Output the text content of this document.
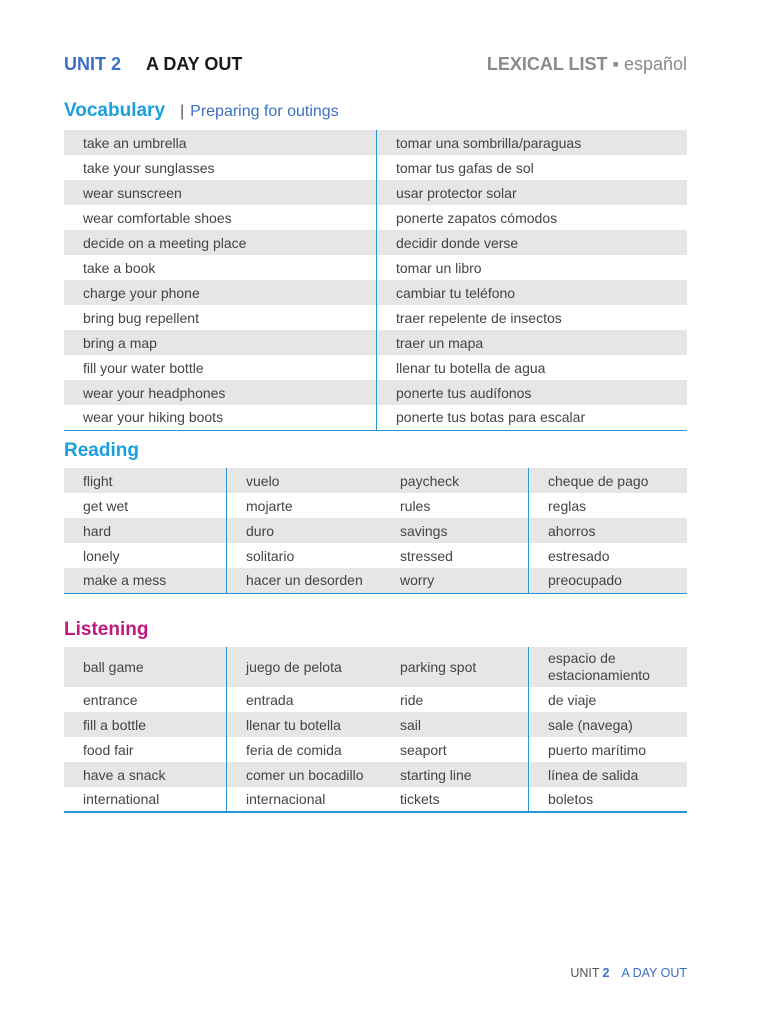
UNIT 2 A DAY OUT	LEXICAL LIST ▪ español
Vocabulary | Preparing for outings
take an umbrella	tomar una sombrilla/paraguas
take your sunglasses	tomar tus gafas de sol
wear sunscreen	usar protector solar
wear comfortable shoes	ponerte zapatos cómodos
decide on a meeting place	decidir donde verse
take a book	tomar un libro
charge your phone	cambiar tu teléfono
bring bug repellent	traer repelente de insectos
bring a map	traer un mapa
fill your water bottle	llenar tu botella de agua
wear your headphones	ponerte tus audífonos
wear your hiking boots	ponerte tus botas para escalar
Reading
flight	vuelo	paycheck	cheque de pago
get wet	mojarte	rules	reglas
hard	duro	savings	ahorros
lonely	solitario	stressed	estresado
make a mess	hacer un desorden	worry	preocupado
Listening
ball game	juego de pelota	parking spot	espacio de estacionamiento
entrance	entrada	ride	de viaje
fill a bottle	llenar tu botella	sail	sale (navega)
food fair	feria de comida	seaport	puerto marítimo
have a snack	comer un bocadillo	starting line	línea de salida
international	internacional	tickets	boletos
UNIT 2 A DAY OUT
